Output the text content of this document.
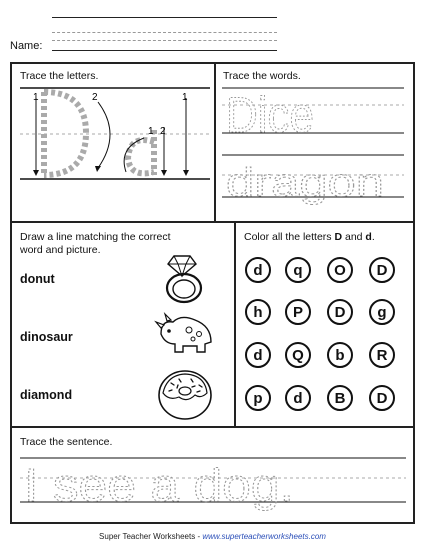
Name:
Trace the letters.
1	2
1 2
1
Trace the words.
Dice
dragon
Draw a line matching the correct
word and picture.
donut
dinosaur
diamond
Color all the letters D and d.
d	q	O	D
h	P	D	g
d	Q	b	R
p	d	B	D
Trace the sentence.
I see a dog.
Super Teacher Worksheets - www.superteacherworksheets.com
